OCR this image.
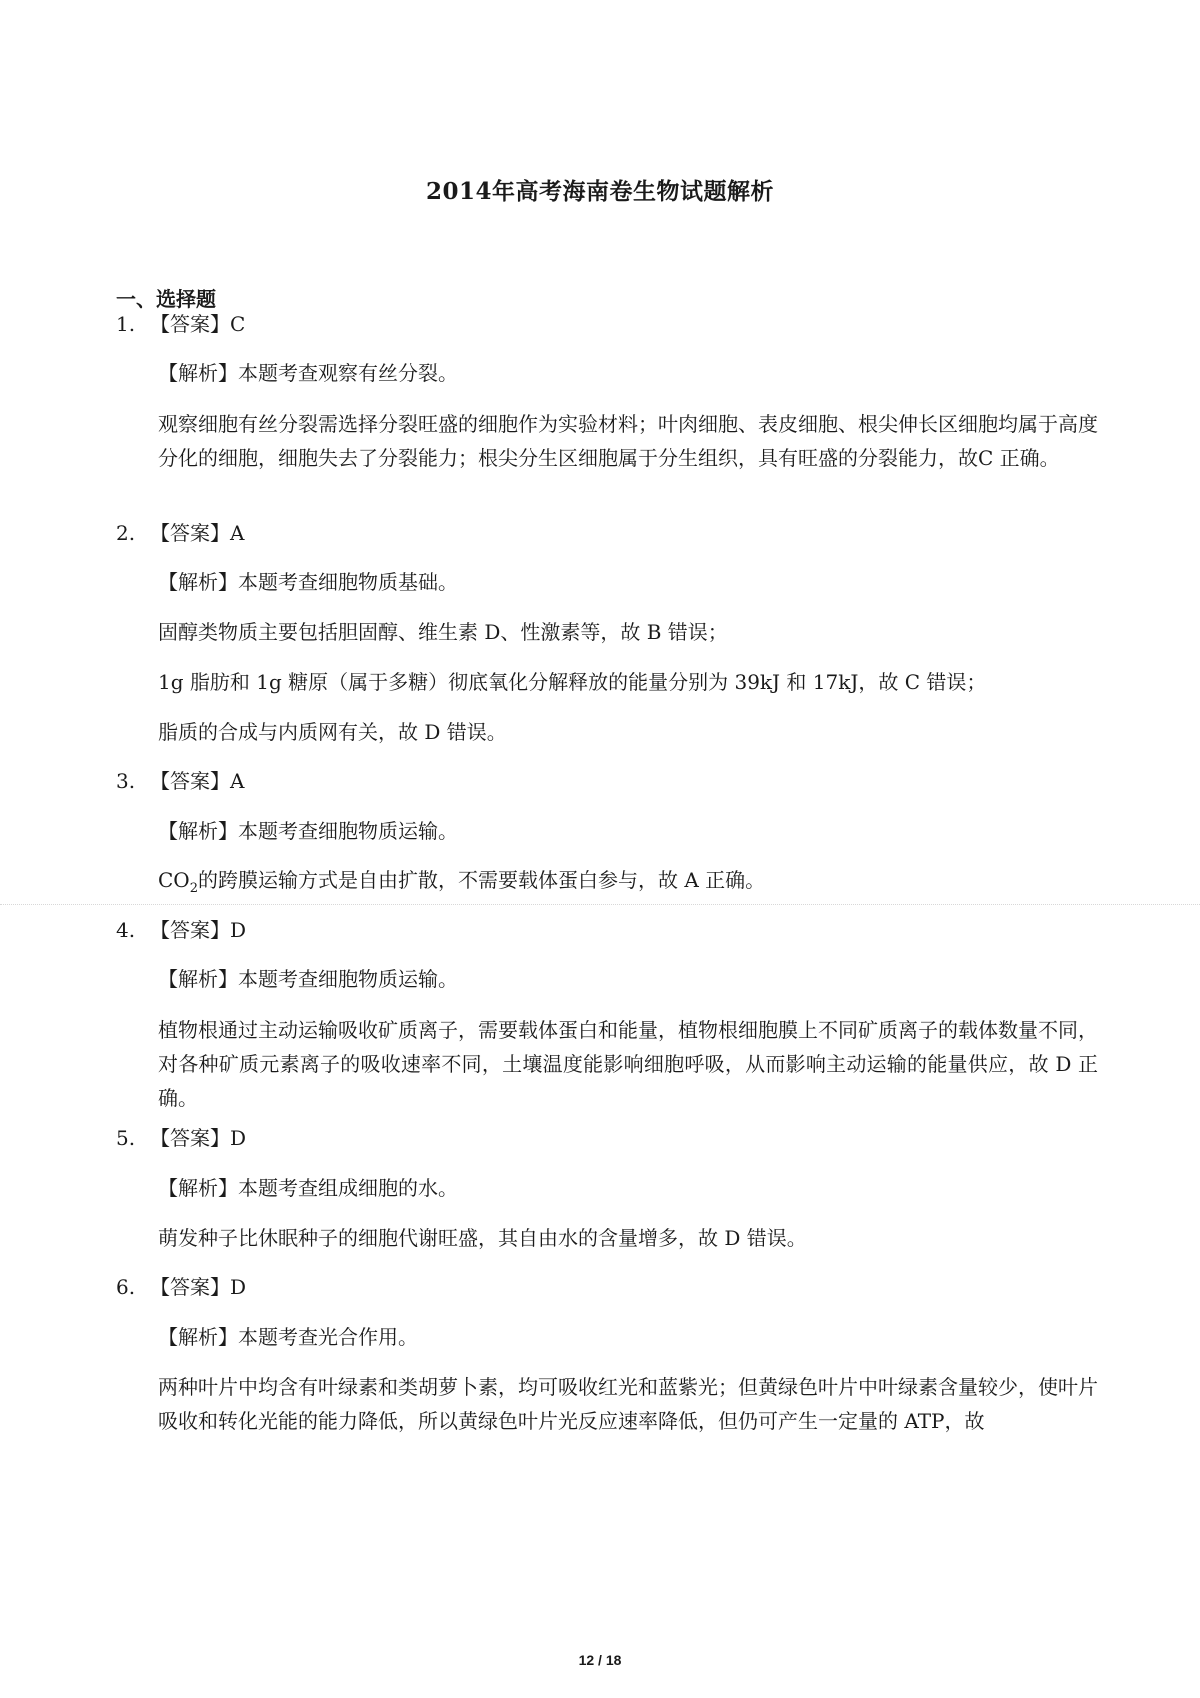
2014年高考海南卷生物试题解析
一、选择题
1. 【答案】C
【解析】本题考查观察有丝分裂。
观察细胞有丝分裂需选择分裂旺盛的细胞作为实验材料；叶肉细胞、表皮细胞、根尖伸长区细胞均属于高度分化的细胞，细胞失去了分裂能力；根尖分生区细胞属于分生组织，具有旺盛的分裂能力，故C 正确。
2. 【答案】A
【解析】本题考查细胞物质基础。
固醇类物质主要包括胆固醇、维生素 D、性激素等，故 B 错误；
1g 脂肪和 1g 糖原（属于多糖）彻底氧化分解释放的能量分别为 39kJ 和 17kJ，故 C 错误；
脂质的合成与内质网有关，故 D 错误。
3. 【答案】A
【解析】本题考查细胞物质运输。
$CO_2$的跨膜运输方式是自由扩散，不需要载体蛋白参与，故 A 正确。
4. 【答案】D
【解析】本题考查细胞物质运输。
植物根通过主动运输吸收矿质离子，需要载体蛋白和能量，植物根细胞膜上不同矿质离子的载体数量不同，对各种矿质元素离子的吸收速率不同，土壤温度能影响细胞呼吸，从而影响主动运输的能量供应，故 D 正确。
5. 【答案】D
【解析】本题考查组成细胞的水。
萌发种子比休眠种子的细胞代谢旺盛，其自由水的含量增多，故 D 错误。
6. 【答案】D
【解析】本题考查光合作用。
两种叶片中均含有叶绿素和类胡萝卜素，均可吸收红光和蓝紫光；但黄绿色叶片中叶绿素含量较少，使叶片吸收和转化光能的能力降低，所以黄绿色叶片光反应速率降低，但仍可产生一定量的 ATP，故
12 / 18
